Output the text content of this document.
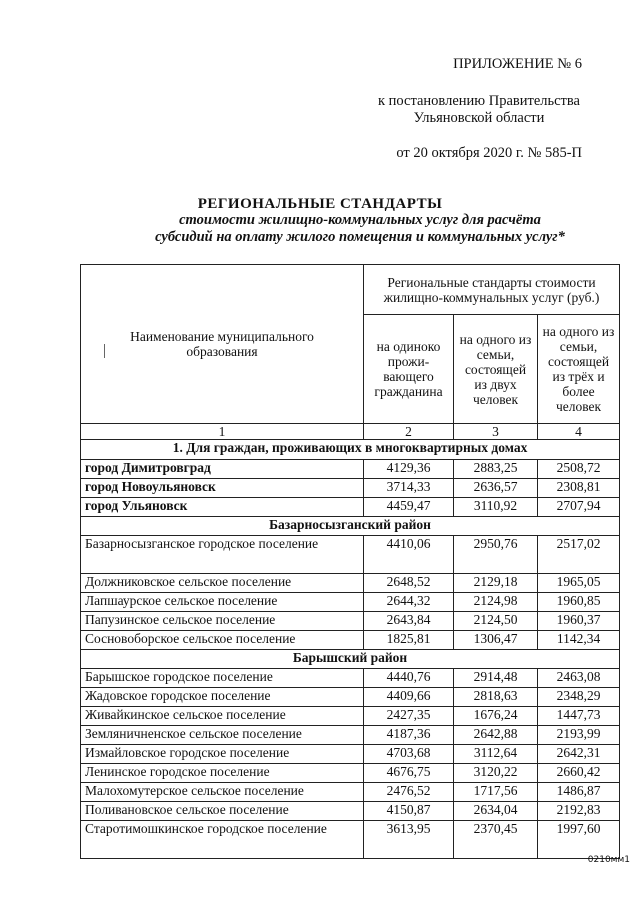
ПРИЛОЖЕНИЕ № 6
к постановлению Правительства
Ульяновской области
от 20 октября 2020 г. № 585-П
РЕГИОНАЛЬНЫЕ СТАНДАРТЫ
стоимости жилищно-коммунальных услуг для расчёта
субсидий на оплату жилого помещения и коммунальных услуг*
Наименование муниципального образования	Региональные стандарты стоимости жилищно-коммунальных услуг (руб.)		
	на одиноко прожи-вающего гражданина	на одного из семьи, состоящей из двух человек	на одного из семьи, состоящей из трёх и более человек
1	2	3	4
1. Для граждан, проживающих в многоквартирных домах			
город Димитровград	4129,36	2883,25	2508,72
город Новоульяновск	3714,33	2636,57	2308,81
город Ульяновск	4459,47	3110,92	2707,94
Базарносызганский район			
Базарносызганское городское поселение	4410,06	2950,76	2517,02
Должниковское сельское поселение	2648,52	2129,18	1965,05
Лапшаурское сельское поселение	2644,32	2124,98	1960,85
Папузинское сельское поселение	2643,84	2124,50	1960,37
Сосновоборское сельское поселение	1825,81	1306,47	1142,34
Барышский район			
Барышское городское поселение	4440,76	2914,48	2463,08
Жадовское городское поселение	4409,66	2818,63	2348,29
Живайкинское сельское поселение	2427,35	1676,24	1447,73
Земляничненское сельское поселение	4187,36	2642,88	2193,99
Измайловское городское поселение	4703,68	3112,64	2642,31
Ленинское городское поселение	4676,75	3120,22	2660,42
Малохомутерское сельское поселение	2476,52	1717,56	1486,87
Поливановское сельское поселение	4150,87	2634,04	2192,83
Старотимошкинское городское поселение	3613,95	2370,45	1997,60
0210мм1
